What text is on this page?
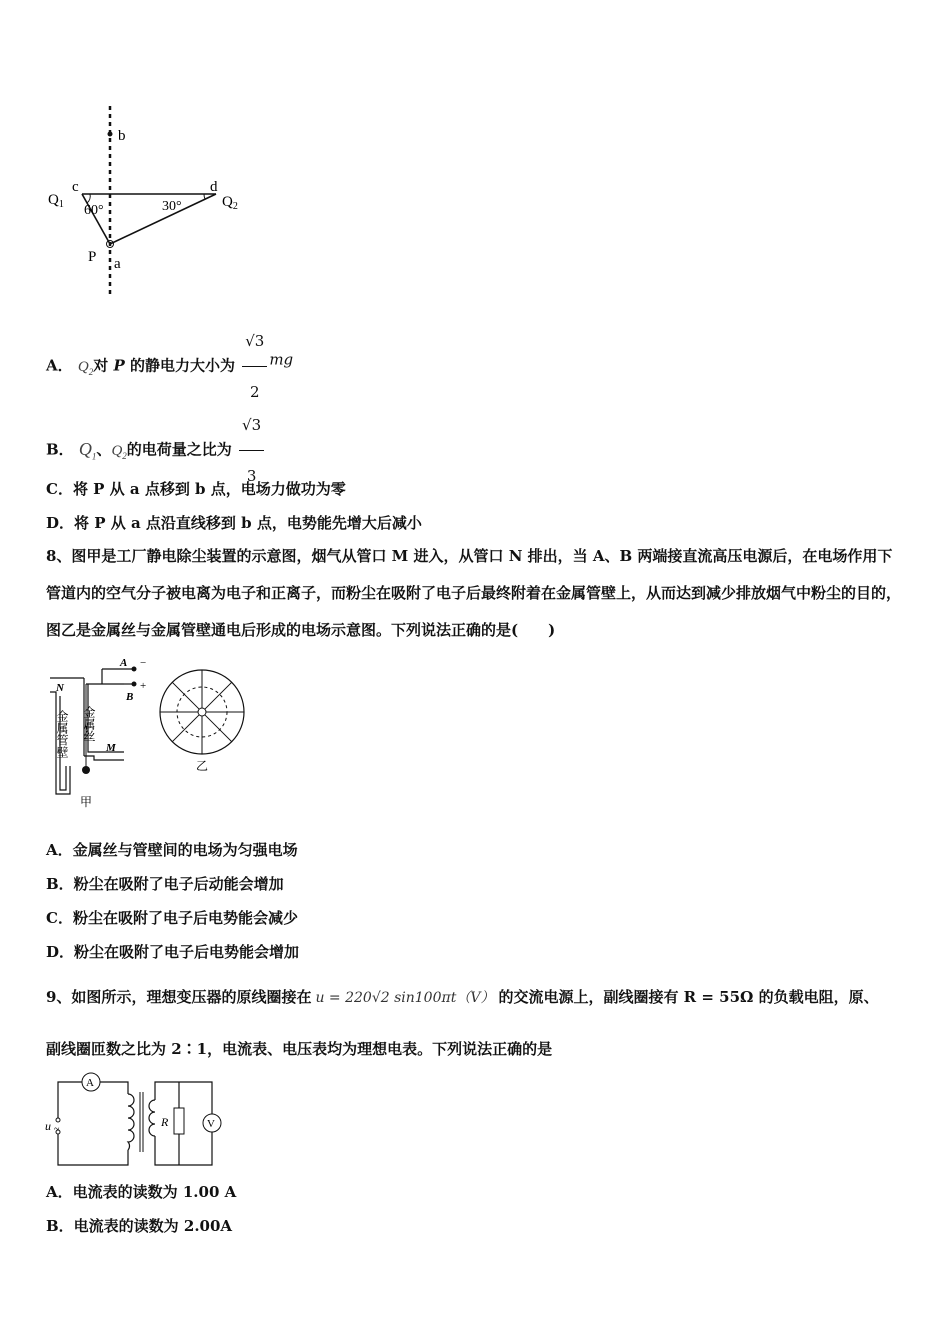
b
c	d
$Q_1$	$Q_2$
60°	30°
P a
A． $Q_2$对 P 的静电力大小为 $\frac{√3}{2}$ mg
B． $Q_1$、$Q_2$的电荷量之比为 $\frac{√3}{3}$
C．将 P 从 a 点移到 b 点，电场力做功为零
D．将 P 从 a 点沿直线移到 b 点，电势能先增大后减小
8、图甲是工厂静电除尘装置的示意图，烟气从管口 M 进入，从管口 N 排出，当 A、B 两端接直流高压电源后，在电场作用下管道内的空气分子被电离为电子和正离子，而粉尘在吸附了电子后最终附着在金属管壁上，从而达到减少排放烟气中粉尘的目的，图乙是金属丝与金属管壁通电后形成的电场示意图。下列说法正确的是(　　)
A −
B
+
N
M
金属丝
金属管壁
甲
乙
A．金属丝与管壁间的电场为匀强电场
B．粉尘在吸附了电子后动能会增加
C．粉尘在吸附了电子后电势能会减少
D．粉尘在吸附了电子后电势能会增加
9、如图所示，理想变压器的原线圈接在 u = 220√2 sin100πt（V） 的交流电源上，副线圈接有 R = 55Ω 的负载电阻，原、
副线圈匝数之比为 2∶1，电流表、电压表均为理想电表。下列说法正确的是
A
V
R
u ~
A．电流表的读数为 1.00 A
B．电流表的读数为 2.00A
